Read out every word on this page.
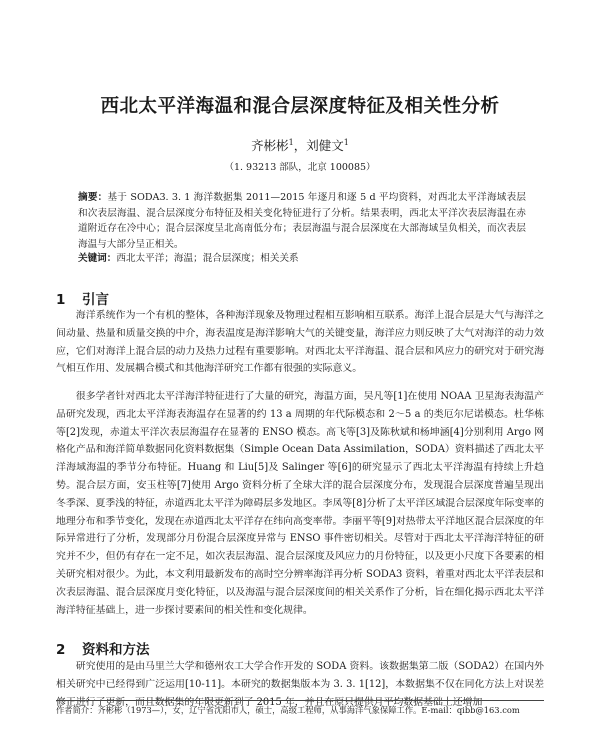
西北太平洋海温和混合层深度特征及相关性分析
齐彬彬$^1$，刘健文$^1$
（1. 93213 部队，北京 100085）
摘要：基于 SODA3. 3. 1 海洋数据集 2011—2015 年逐月和逐 5 d 平均资料，对西北太平洋海域表层和次表层海温、混合层深度分布特征及相关变化特征进行了分析。结果表明，西北太平洋次表层海温在赤道附近存在冷中心；混合层深度呈北高南低分布；表层海温与混合层深度在大部海域呈负相关，而次表层海温与大部分呈正相关。
关键词：西北太平洋；海温；混合层深度；相关关系
1 引言
海洋系统作为一个有机的整体，各种海洋现象及物理过程相互影响相互联系。海洋上混合层是大气与海洋之间动量、热量和质量交换的中介，海表温度是海洋影响大气的关键变量，海洋应力则反映了大气对海洋的动力效应，它们对海洋上混合层的动力及热力过程有重要影响。对西北太平洋海温、混合层和风应力的研究对于研究海气相互作用、发展耦合模式和其他海洋研究工作都有很强的实际意义。
很多学者针对西北太平洋海洋特征进行了大量的研究，海温方面，吴凡等[1]在使用 NOAA 卫星海表海温产品研究发现，西北太平洋海表海温存在显著的约 13 a 周期的年代际模态和 2～5 a 的类厄尔尼诺模态。杜华栋等[2]发现，赤道太平洋次表层海温存在显著的 ENSO 模态。高飞等[3]及陈秋斌和杨坤涵[4]分别利用 Argo 网格化产品和海洋简单数据同化资料数据集（Simple Ocean Data Assimilation，SODA）资料描述了西北太平洋海域海温的季节分布特征。Huang 和 Liu[5]及 Salinger 等[6]的研究显示了西北太平洋海温有持续上升趋势。混合层方面，安玉柱等[7]使用 Argo 资料分析了全球大洋的混合层深度分布，发现混合层深度普遍呈现出冬季深、夏季浅的特征，赤道西北太平洋为障碍层多发地区。李凤等[8]分析了太平洋区域混合层深度年际变率的地理分布和季节变化，发现在赤道西北太平洋存在纬向高变率带。李丽平等[9]对热带太平洋地区混合层深度的年际异常进行了分析，发现部分月份混合层深度异常与 ENSO 事件密切相关。尽管对于西北太平洋海洋特征的研究并不少，但仍有存在一定不足，如次表层海温、混合层深度及风应力的月份特征，以及更小尺度下各要素的相关研究相对很少。为此，本文利用最新发布的高时空分辨率海洋再分析 SODA3 资料，着重对西北太平洋表层和次表层海温、混合层深度月变化特征，以及海温与混合层深度间的相关关系作了分析，旨在细化揭示西北太平洋海洋特征基础上，进一步探讨要素间的相关性和变化规律。
2 资料和方法
研究使用的是由马里兰大学和德州农工大学合作开发的 SODA 资料。该数据集第二版（SODA2）在国内外相关研究中已经得到广泛运用[10-11]。本研究的数据集版本为 3. 3. 1[12]，本数据集不仅在同化方法上对误差修正进行了更新，而且数据集的年限更新到了 2015 年，并且在原只提供月平均数据基础上还增加
作者简介：齐彬彬（1973—），女，辽宁省沈阳市人，硕士，高级工程师，从事海洋气象保障工作。E-mail：qibb@163.com
